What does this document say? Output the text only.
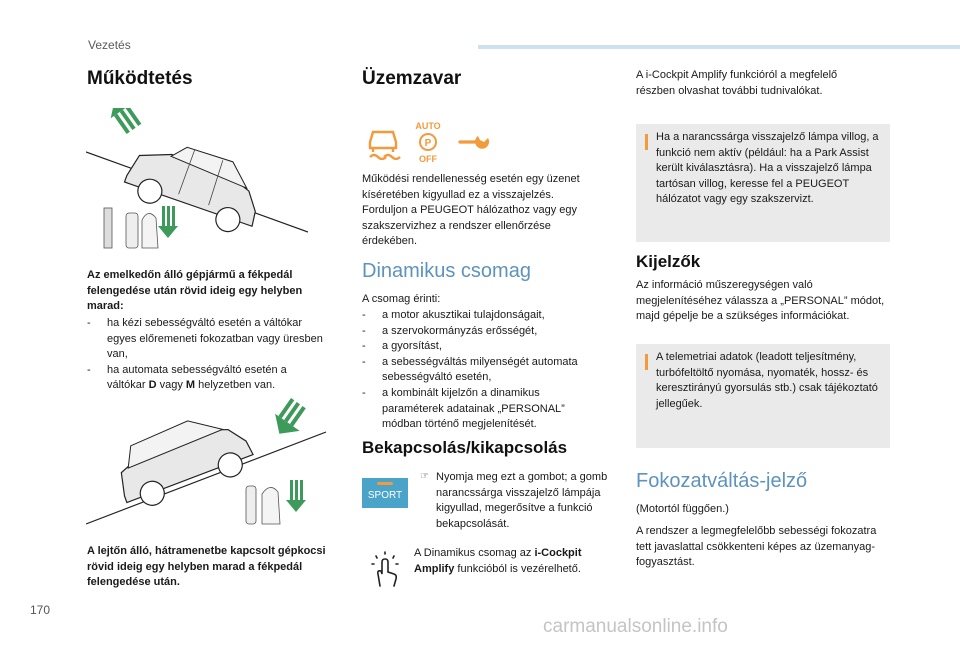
Vezetés
Működtetés
Az emelkedőn álló gépjármű a fékpedál felengedése után rövid ideig egy helyben marad:
- ha kézi sebességváltó esetén a váltókar egyes előremeneti fokozatban vagy üresben van,
- ha automata sebességváltó esetén a váltókar D vagy M helyzetben van.
A lejtőn álló, hátramenetbe kapcsolt gépkocsi rövid ideig egy helyben marad a fékpedál felengedése után.
Üzemzavar
AUTO
P
OFF
Működési rendellenesség esetén egy üzenet kíséretében kigyullad ez a visszajelzés. Forduljon a PEUGEOT hálózathoz vagy egy szakszervizhez a rendszer ellenőrzése érdekében.
Dinamikus csomag
A csomag érinti:
- a motor akusztikai tulajdonságait,
- a szervokormányzás erősségét,
- a gyorsítást,
- a sebességváltás milyenségét automata sebességváltó esetén,
- a kombinált kijelzőn a dinamikus paraméterek adatainak „PERSONAL” módban történő megjelenítését.
Bekapcsolás/kikapcsolás
SPORT
☞ Nyomja meg ezt a gombot; a gomb narancssárga visszajelző lámpája kigyullad, megerősítve a funkció bekapcsolását.
A Dinamikus csomag az i-Cockpit Amplify funkcióból is vezérelhető.
A i-Cockpit Amplify funkcióról a megfelelő részben olvashat további tudnivalókat.
Ha a narancssárga visszajelző lámpa villog, a funkció nem aktív (például: ha a Park Assist került kiválasztásra). Ha a visszajelző lámpa tartósan villog, keresse fel a PEUGEOT hálózatot vagy egy szakszervizt.
Kijelzők
Az információ műszeregységen való megjelenítéséhez válassza a „PERSONAL” módot, majd gépelje be a szükséges információkat.
A telemetriai adatok (leadott teljesítmény, turbófeltöltő nyomása, nyomaték, hossz- és keresztirányú gyorsulás stb.) csak tájékoztató jellegűek.
Fokozatváltás-jelző
(Motortól függően.)
A rendszer a legmegfelelőbb sebességi fokozatra tett javaslattal csökkenteni képes az üzemanyag-fogyasztást.
170
carmanualsonline.info
